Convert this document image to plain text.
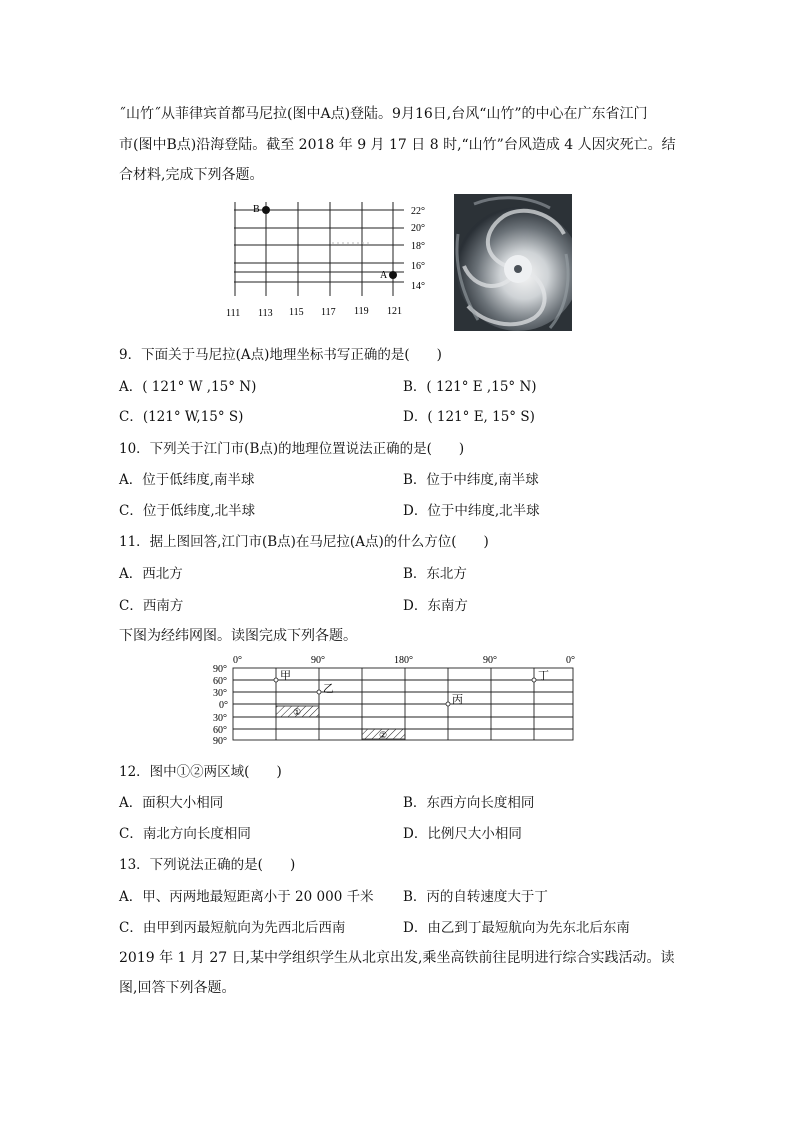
˝山竹˝从菲律宾首都马尼拉(图中A点)登陆。9月16日,台风“山竹”的中心在广东省江门
市(图中B点)沿海登陆。截至 2018 年 9 月 17 日 8 时,“山竹”台风造成 4 人因灾死亡。结
合材料,完成下列各题。
B
A
22°
20°
18°
16°
14°
111 113 115 117 119 121
9．下面关于马尼拉(A点)地理坐标书写正确的是(　　)
A．( 121° W ,15° N)	B．( 121° E ,15° N)
C．(121° W,15° S)	D．( 121° E, 15° S)
10．下列关于江门市(B点)的地理位置说法正确的是(　　)
A．位于低纬度,南半球	B．位于中纬度,南半球
C．位于低纬度,北半球	D．位于中纬度,北半球
11．据上图回答,江门市(B点)在马尼拉(A点)的什么方位(　　)
A．西北方	B．东北方
C．西南方	D．东南方
下图为经纬网图。读图完成下列各题。
①
②
甲
乙
丙
丁
0°	90°	180°	90°	0°
90°
60°
30°
0°
30°
60°
90°
12．图中①②两区域(　　)
A．面积大小相同	B．东西方向长度相同
C．南北方向长度相同	D．比例尺大小相同
13．下列说法正确的是(　　)
A．甲、丙两地最短距离小于 20 000 千米 B．丙的自转速度大于丁
C．由甲到丙最短航向为先西北后西南	D．由乙到丁最短航向为先东北后东南
2019 年 1 月 27 日,某中学组织学生从北京出发,乘坐高铁前往昆明进行综合实践活动。读
图,回答下列各题。
